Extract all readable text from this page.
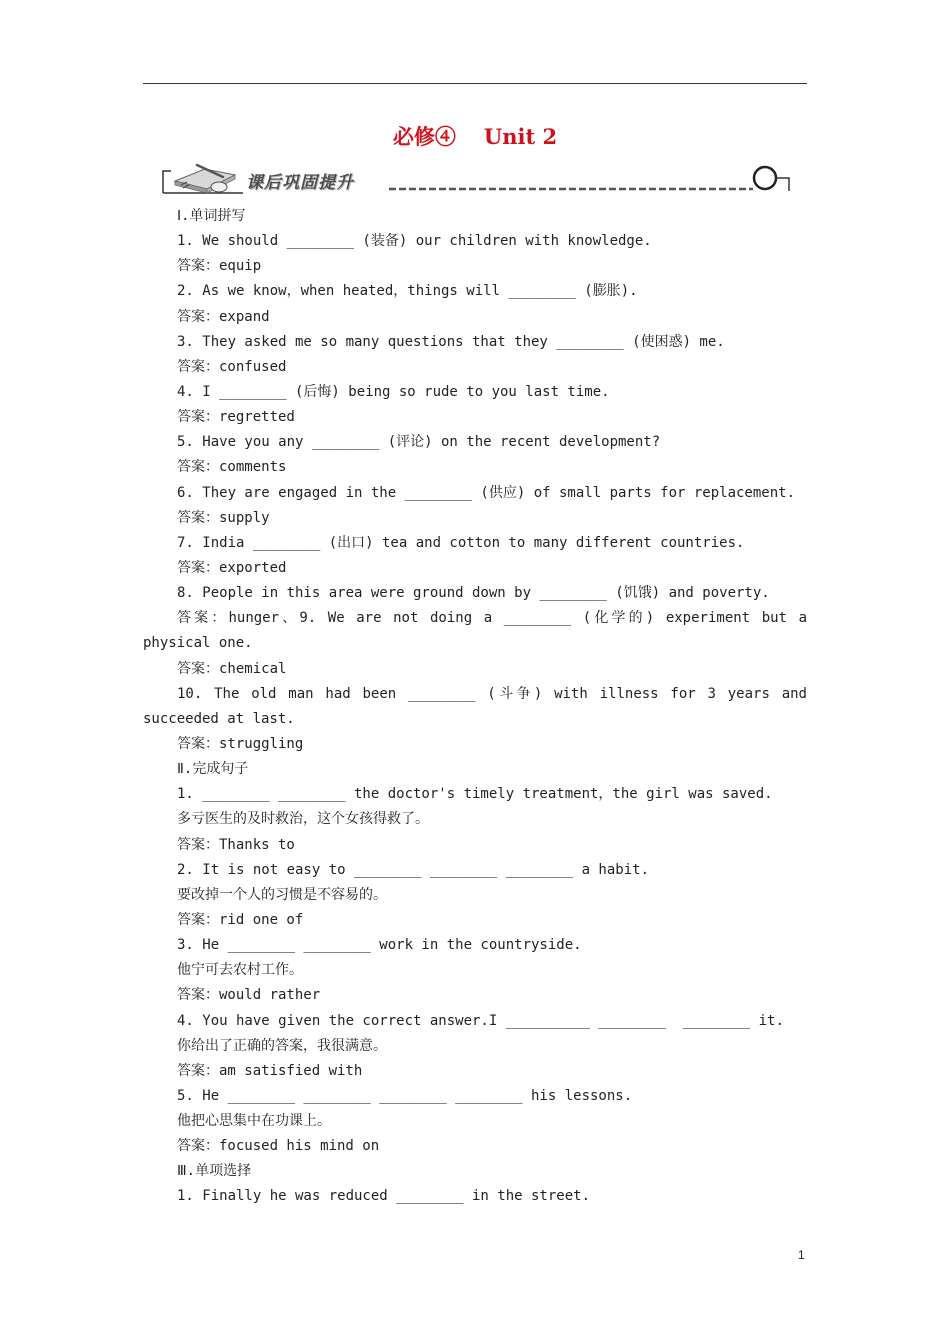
必修④ Unit 2
课后巩固提升
Ⅰ.单词拼写
1. We should ________ (装备) our children with knowledge.
答案：equip
2. As we know，when heated，things will ________ (膨胀).
答案：expand
3. They asked me so many questions that they ________ (使困惑) me.
答案：confused
4. I ________ (后悔) being so rude to you last time.
答案：regretted
5. Have you any ________ (评论) on the recent development?
答案：comments
6. They are engaged in the ________ (供应) of small parts for replacement.
答案：supply
7. India ________ (出口) tea and cotton to many different countries.
答案：exported
8. People in this area were ground down by ________ (饥饿) and poverty.
答案：hunger、9. We are not doing a ________ (化学的) experiment but a
physical one.
答案：chemical
10. The old man had been ________ (斗争) with illness for 3 years and
succeeded at last.
答案：struggling
Ⅱ.完成句子
1. ________ ________ the doctor's timely treatment，the girl was saved.
多亏医生的及时救治，这个女孩得救了。
答案：Thanks to
2. It is not easy to ________ ________ ________ a habit.
要改掉一个人的习惯是不容易的。
答案：rid one of
3. He ________ ________ work in the countryside.
他宁可去农村工作。
答案：would rather
4. You have given the correct answer.I __________ ________  ________ it.
你给出了正确的答案，我很满意。
答案：am satisfied with
5. He ________ ________ ________ ________ his lessons.
他把心思集中在功课上。
答案：focused his mind on
Ⅲ.单项选择
1. Finally he was reduced ________ in the street.
1
